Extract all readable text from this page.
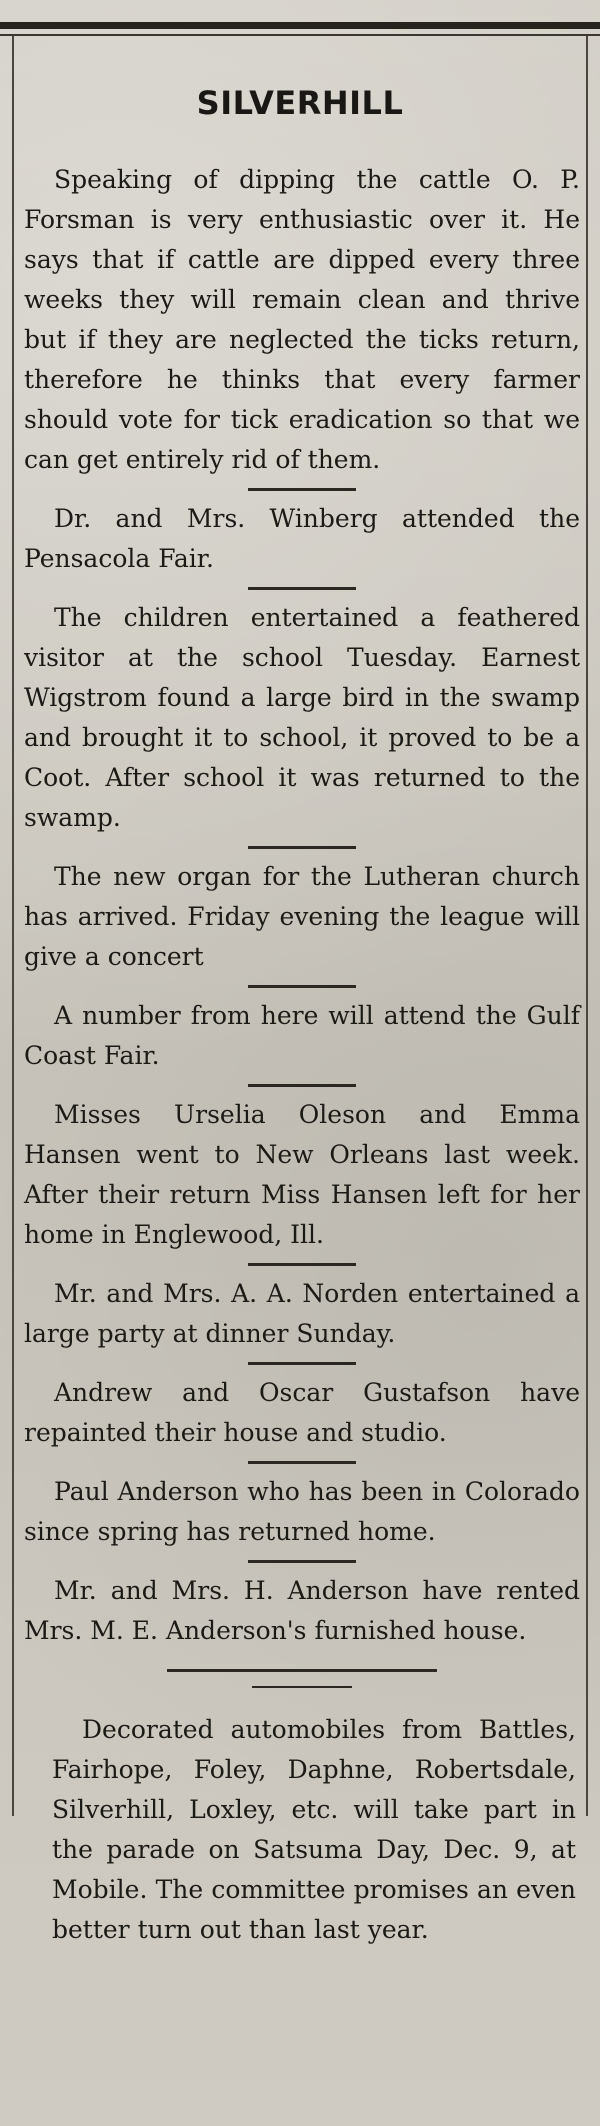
SILVERHILL

Speaking of dipping the cattle O. P. Forsman is very enthusiastic over it. He says that if cattle are dipped every three weeks they will remain clean and thrive but if they are neglected the ticks return, therefore he thinks that every farmer should vote for tick eradication so that we can get entirely rid of them.

Dr. and Mrs. Winberg attended the Pensacola Fair.

The children entertained a feathered visitor at the school Tuesday. Earnest Wigstrom found a large bird in the swamp and brought it to school, it proved to be a Coot. After school it was returned to the swamp.

The new organ for the Lutheran church has arrived. Friday evening the league will give a concert

A number from here will attend the Gulf Coast Fair.

Misses Urselia Oleson and Emma Hansen went to New Orleans last week. After their return Miss Hansen left for her home in Englewood, Ill.

Mr. and Mrs. A. A. Norden entertained a large party at dinner Sunday.

Andrew and Oscar Gustafson have repainted their house and studio.

Paul Anderson who has been in Colorado since spring has returned home.

Mr. and Mrs. H. Anderson have rented Mrs. M. E. Anderson's furnished house.

Decorated automobiles from Battles, Fairhope, Foley, Daphne, Robertsdale, Silverhill, Loxley, etc. will take part in the parade on Satsuma Day, Dec. 9, at Mobile. The committee promises an even better turn out than last year.
